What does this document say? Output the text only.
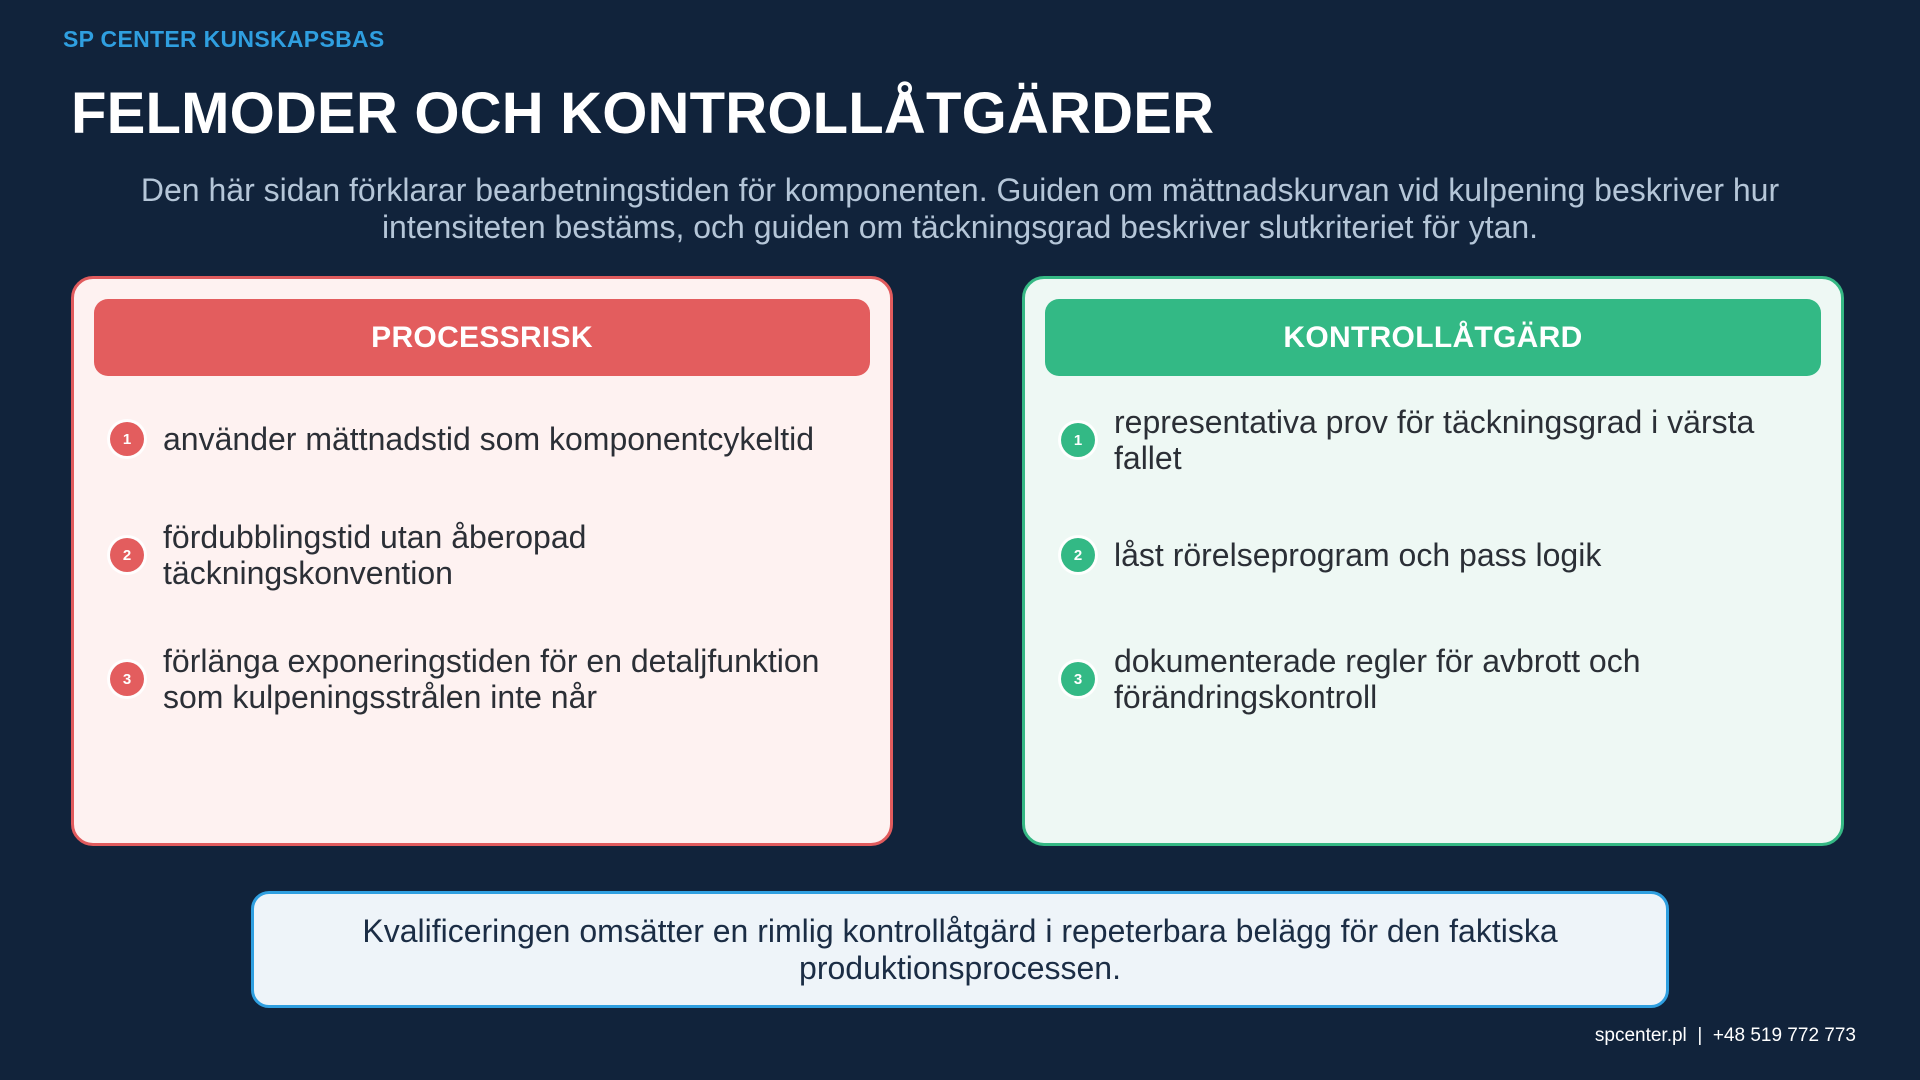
SP CENTER KUNSKAPSBAS
FELMODER OCH KONTROLLÅTGÄRDER
Den här sidan förklarar bearbetningstiden för komponenten. Guiden om mättnadskurvan vid kulpening beskriver hur intensiteten bestäms, och guiden om täckningsgrad beskriver slutkriteriet för ytan.
PROCESSRISK
1 använder mättnadstid som komponentcykeltid
2 fördubblingstid utan åberopad täckningskonvention
3 förlänga exponeringstiden för en detaljfunktion som kulpeningsstrålen inte når
KONTROLLÅTGÄRD
1 representativa prov för täckningsgrad i värsta fallet
2 låst rörelseprogram och pass logik
3 dokumenterade regler för avbrott och förändringskontroll
Kvalificeringen omsätter en rimlig kontrollåtgärd i repeterbara belägg för den faktiska produktionsprocessen.
spcenter.pl  |  +48 519 772 773
